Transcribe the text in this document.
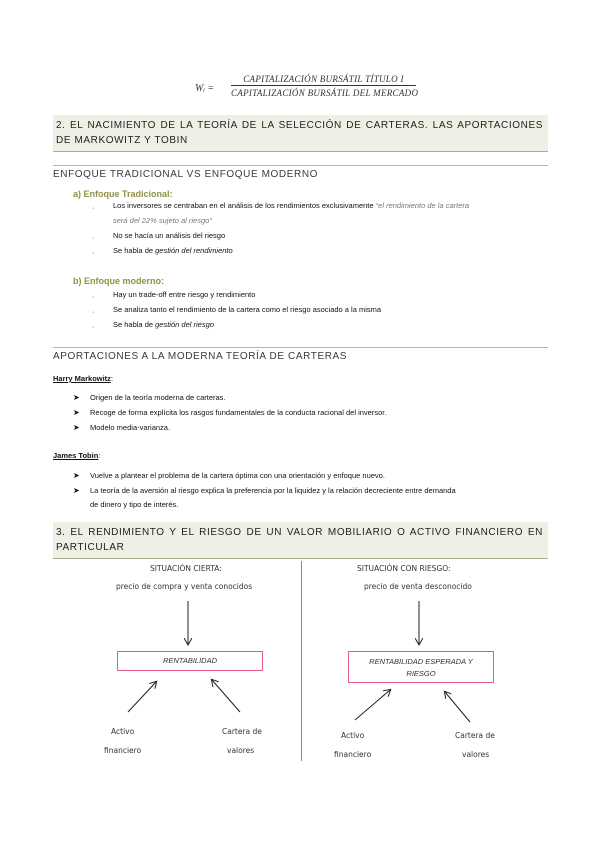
Wᵢ =
CAPITALIZACIÓN BURSÁTIL TÍTULO I
CAPITALIZACIÓN BURSÁTIL DEL MERCADO
2. EL NACIMIENTO DE LA TEORÍA DE LA SELECCIÓN DE CARTERAS. LAS APORTACIONES DE MARKOWITZ Y TOBIN
ENFOQUE TRADICIONAL VS ENFOQUE MODERNO
a) Enfoque Tradicional:
· Los inversores se centraban en el análisis de los rendimientos exclusivamente “el rendimiento de la cartera
será del 22% sujeto al riesgo”
· No se hacía un análisis del riesgo
· Se habla de gestión del rendimiento
b) Enfoque moderno:
· Hay un trade-off entre riesgo y rendimiento
· Se analiza tanto el rendimiento de la cartera como el riesgo asociado a la misma
· Se habla de gestión del riesgo
APORTACIONES A LA MODERNA TEORÍA DE CARTERAS
Harry Markowitz:
➤ Origen de la teoría moderna de carteras.
➤ Recoge de forma explícita los rasgos fundamentales de la conducta racional del inversor.
➤ Modelo media-varianza.
James Tobin:
➤ Vuelve a plantear el problema de la cartera óptima con una orientación y enfoque nuevo.
➤ La teoría de la aversión al riesgo explica la preferencia por la liquidez y la relación decreciente entre demanda
de dinero y tipo de interés.
3. EL RENDIMIENTO Y EL RIESGO DE UN VALOR MOBILIARIO O ACTIVO FINANCIERO EN PARTICULAR
SITUACIÓN CIERTA:
precio de compra y venta conocidos
RENTABILIDAD
Activo
financiero
Cartera de
valores
SITUACIÓN CON RIESGO:
precio de venta desconocido
RENTABILIDAD ESPERADA Y
RIESGO
Activo
financiero
Cartera de
valores
